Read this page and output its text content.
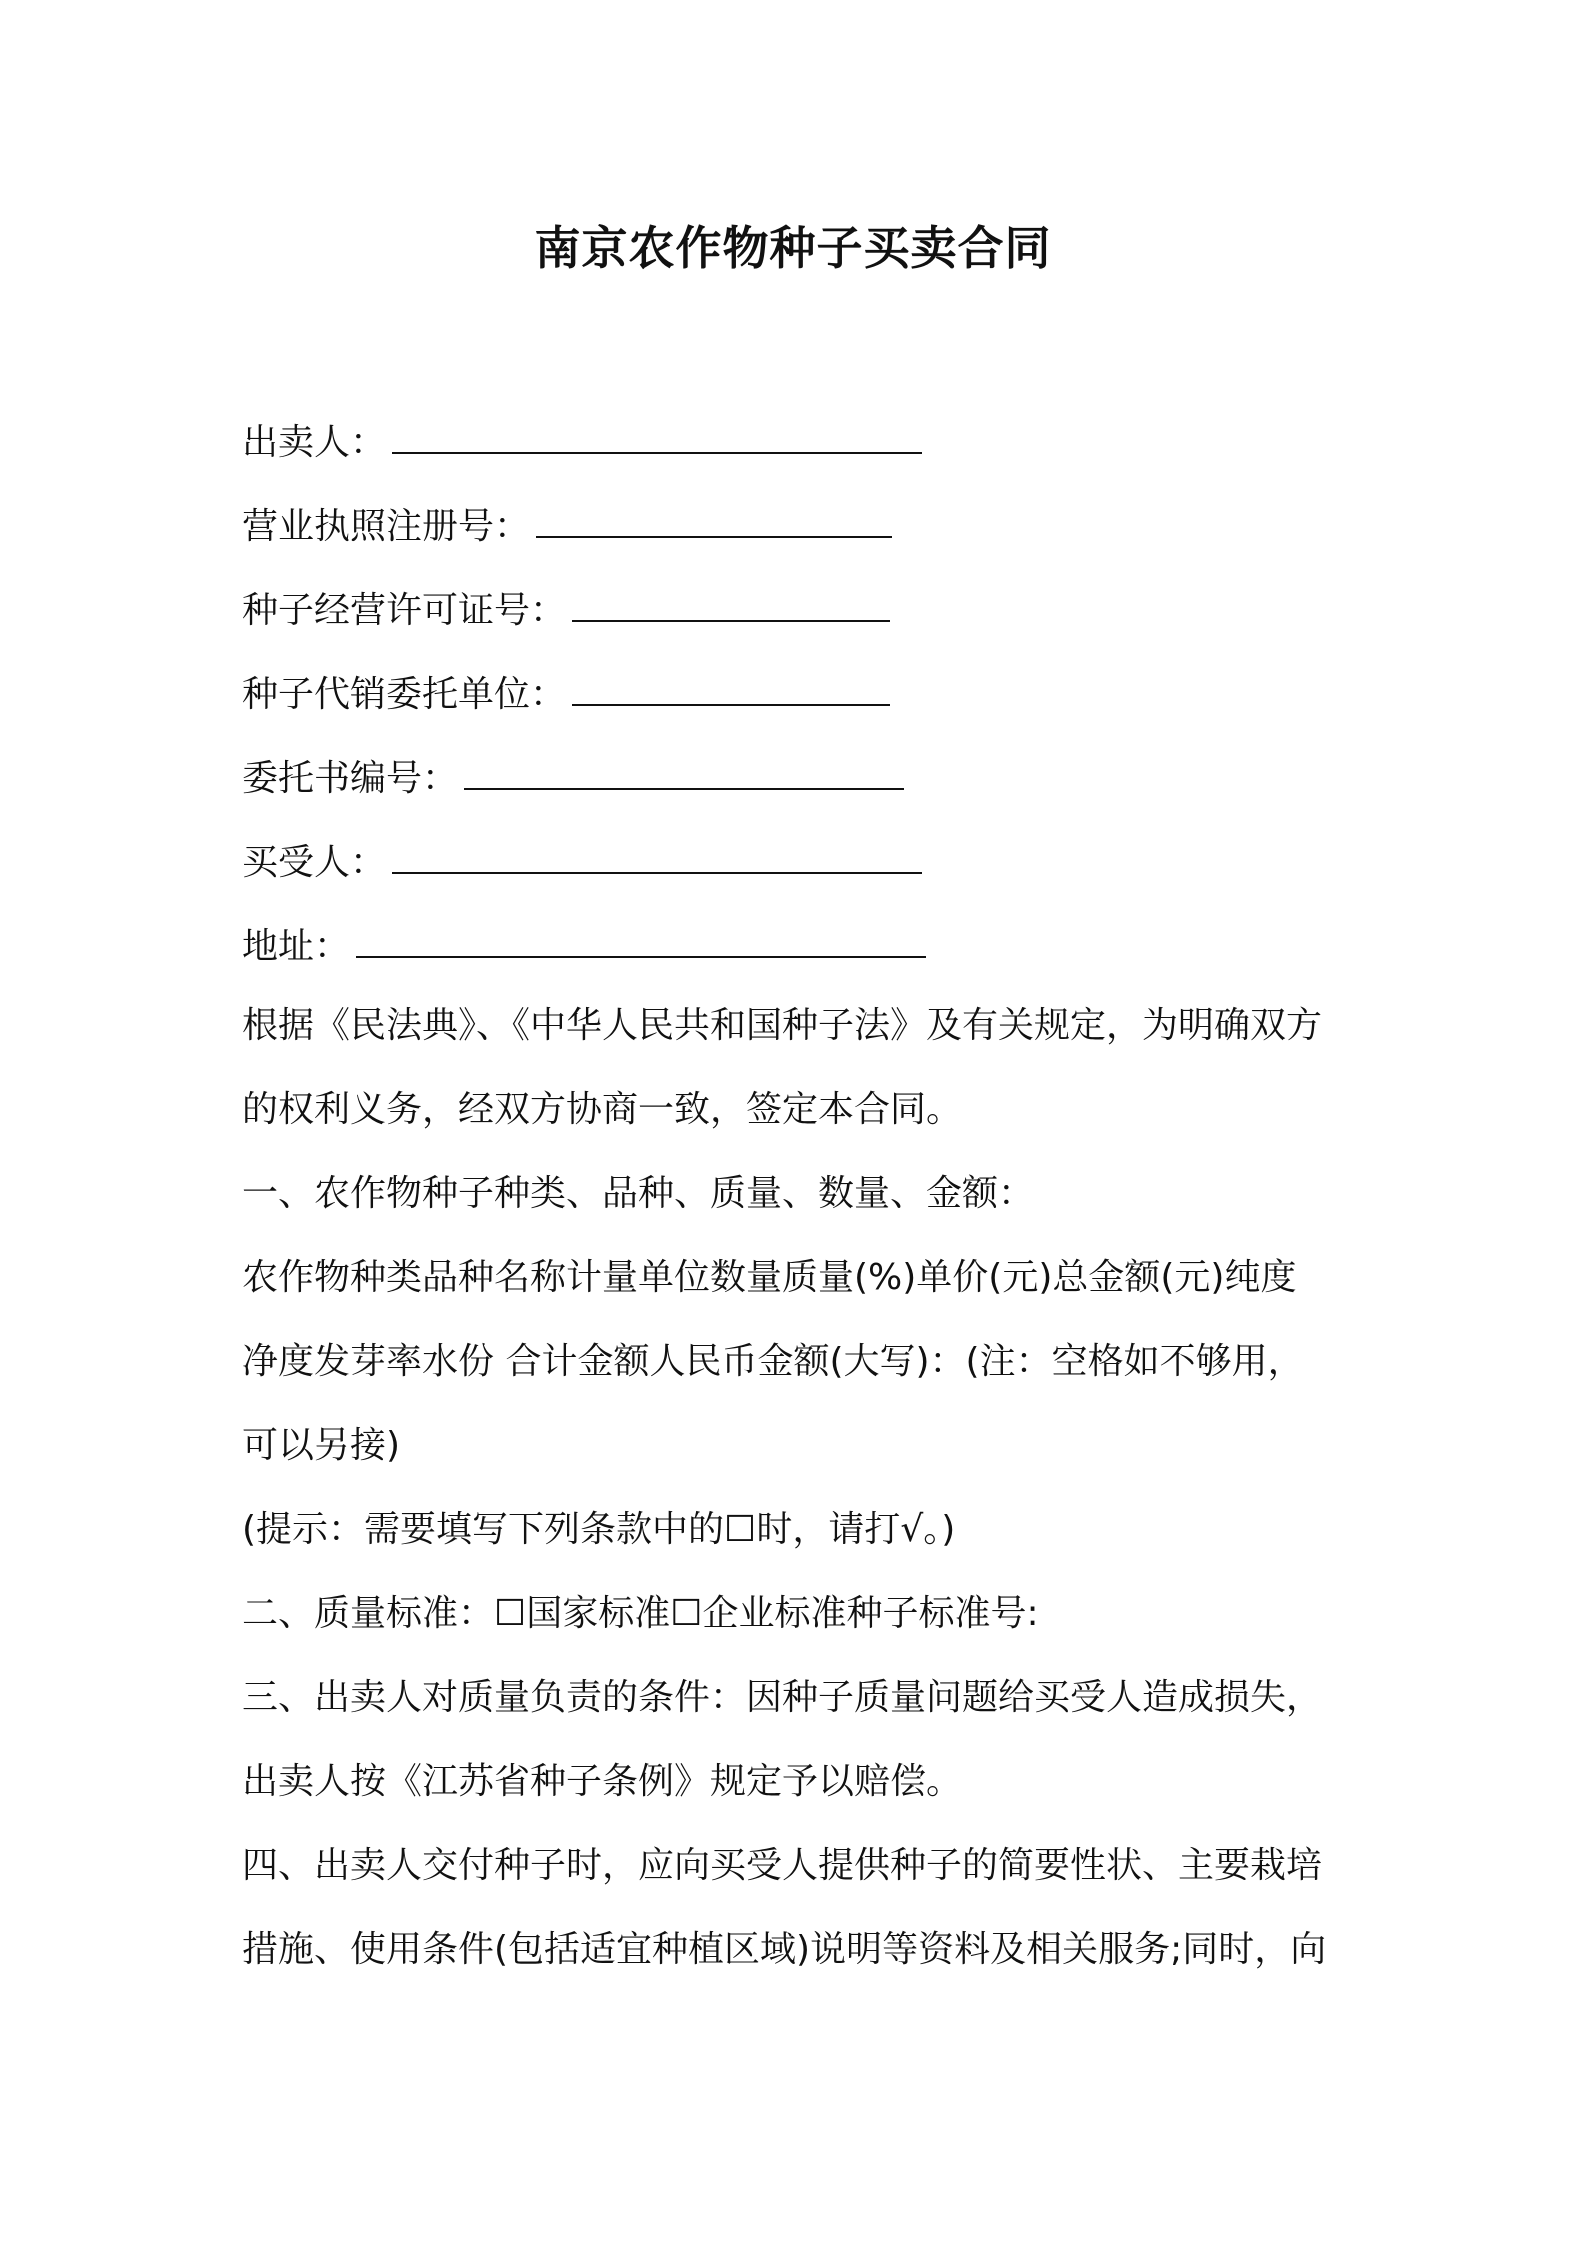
南京农作物种子买卖合同
出卖人：
营业执照注册号：
种子经营许可证号：
种子代销委托单位：
委托书编号：
买受人：
地址：
根据《民法典》、《中华人民共和国种子法》及有关规定，为明确双方
的权利义务，经双方协商一致，签定本合同。
一、农作物种子种类、品种、质量、数量、金额：
农作物种类品种名称计量单位数量质量(%)单价(元)总金额(元)纯度
净度发芽率水份 合计金额人民币金额(大写)：(注：空格如不够用，
可以另接)
(提示：需要填写下列条款中的☐时，请打√。)
二、质量标准：☐国家标准☐企业标准种子标准号:
三、出卖人对质量负责的条件：因种子质量问题给买受人造成损失，
出卖人按《江苏省种子条例》规定予以赔偿。
四、出卖人交付种子时，应向买受人提供种子的简要性状、主要栽培
措施、使用条件(包括适宜种植区域)说明等资料及相关服务;同时，向
